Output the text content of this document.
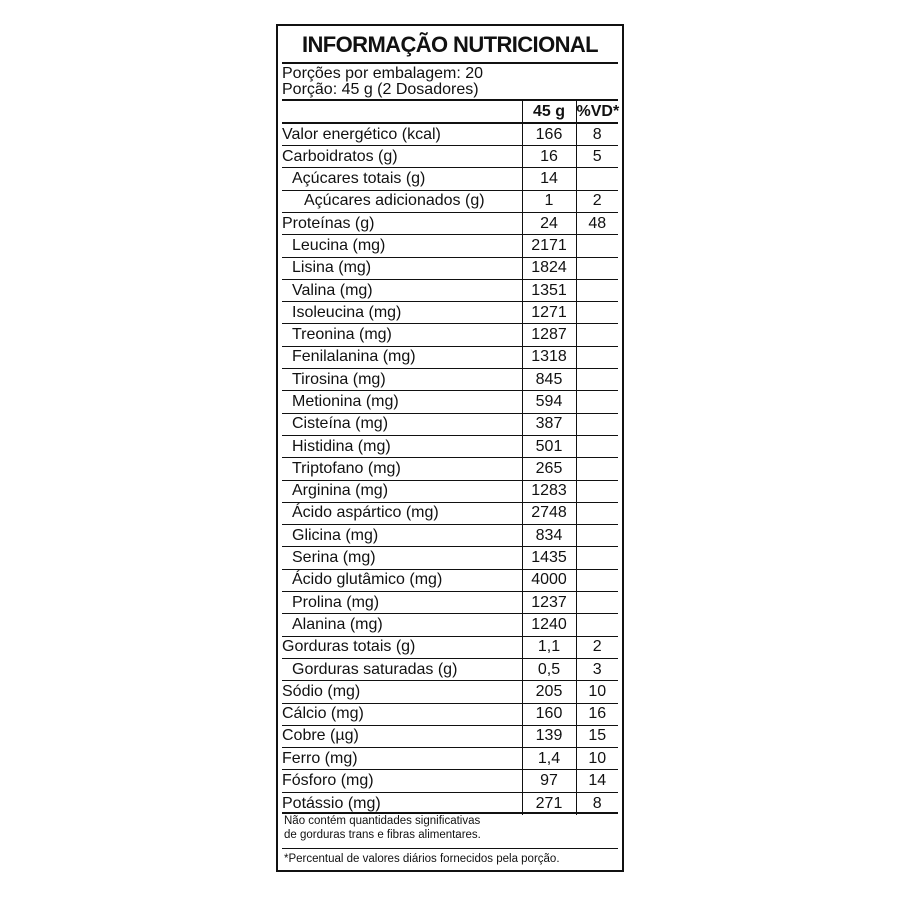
INFORMAÇÃO NUTRICIONAL
Porções por embalagem: 20
Porção: 45 g (2 Dosadores)
	45 g	%VD*
Valor energético (kcal)	166	8
Carboidratos (g)	16	5
Açúcares totais (g)	14	
Açúcares adicionados (g)	1	2
Proteínas (g)	24	48
Leucina (mg)	2171	
Lisina (mg)	1824	
Valina (mg)	1351	
Isoleucina (mg)	1271	
Treonina (mg)	1287	
Fenilalanina (mg)	1318	
Tirosina (mg)	845	
Metionina (mg)	594	
Cisteína (mg)	387	
Histidina (mg)	501	
Triptofano (mg)	265	
Arginina (mg)	1283	
Ácido aspártico (mg)	2748	
Glicina (mg)	834	
Serina (mg)	1435	
Ácido glutâmico (mg)	4000	
Prolina (mg)	1237	
Alanina (mg)	1240	
Gorduras totais (g)	1,1	2
Gorduras saturadas (g)	0,5	3
Sódio (mg)	205	10
Cálcio (mg)	160	16
Cobre (µg)	139	15
Ferro (mg)	1,4	10
Fósforo (mg)	97	14
Potássio (mg)	271	8
Não contém quantidades significativas
de gorduras trans e fibras alimentares.
*Percentual de valores diários fornecidos pela porção.
